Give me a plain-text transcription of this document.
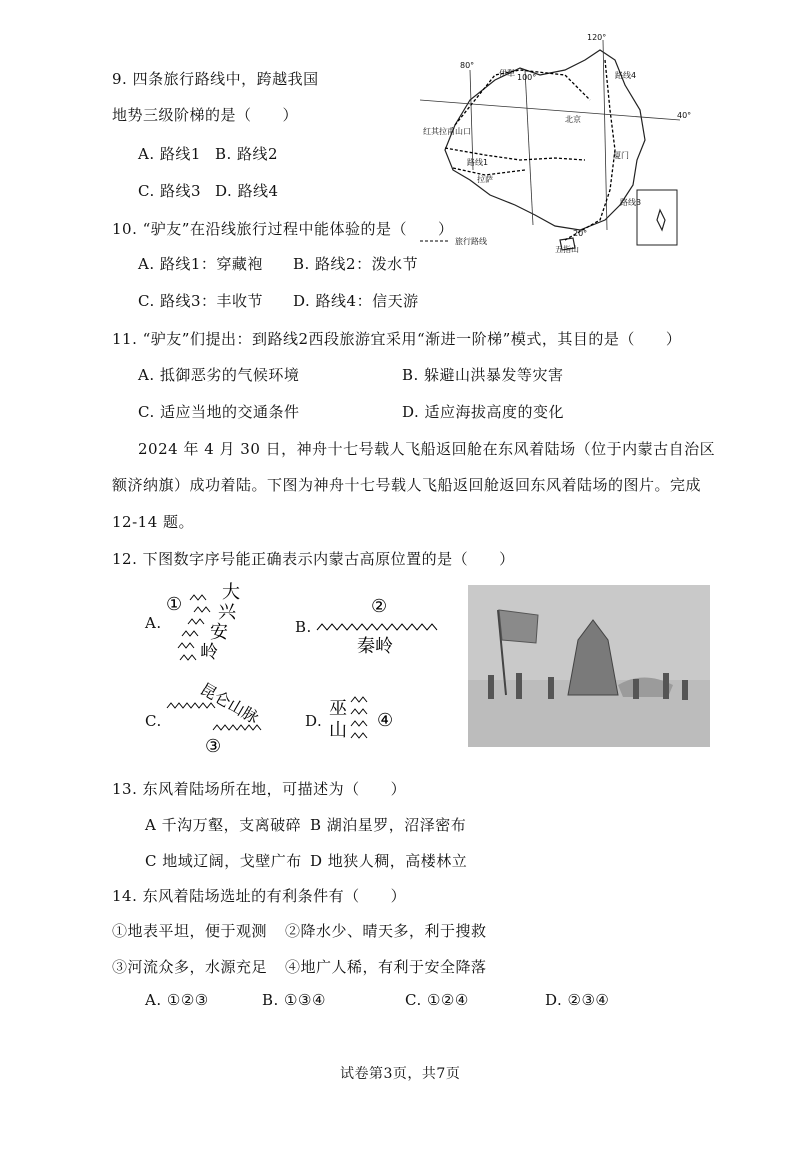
9. 四条旅行路线中，跨越我国
地势三级阶梯的是（　　）
A. 路线1 B. 路线2
C. 路线3 D. 路线4
80°
100°
120°
40°
20°
路线4
路线1
路线3
伊犁
红其拉甫山口
北京
拉萨
厦门
五指山
旅行路线
10. “驴友”在沿线旅行过程中能体验的是（　　）
A. 路线1：穿藏袍 B. 路线2：泼水节
C. 路线3：丰收节 D. 路线4：信天游
11. “驴友”们提出：到路线2西段旅游宜采用“渐进一阶梯”模式，其目的是（　　）
A. 抵御恶劣的气候环境	B. 躲避山洪暴发等灾害
C. 适应当地的交通条件	D. 适应海拔高度的变化
2024 年 4 月 30 日，神舟十七号载人飞船返回舱在东风着陆场（位于内蒙古自治区
额济纳旗）成功着陆。下图为神舟十七号载人飞船返回舱返回东风着陆场的图片。完成
12-14 题。
12. 下图数字序号能正确表示内蒙古高原位置的是（　　）
A.
①
大
兴
安
岭
B.
②
秦岭
C. 昆仑山脉
③
D.
巫
山 ④
13. 东风着陆场所在地，可描述为（　　）
A 千沟万壑，支离破碎 B 湖泊星罗，沼泽密布
C 地域辽阔，戈壁广布 D 地狭人稠，高楼林立
14. 东风着陆场选址的有利条件有（　　）
①地表平坦，便于观测 ②降水少、晴天多，利于搜救
③河流众多，水源充足 ④地广人稀，有利于安全降落
A. ①②③	B. ①③④	C. ①②④	D. ②③④
试卷第3页，共7页
